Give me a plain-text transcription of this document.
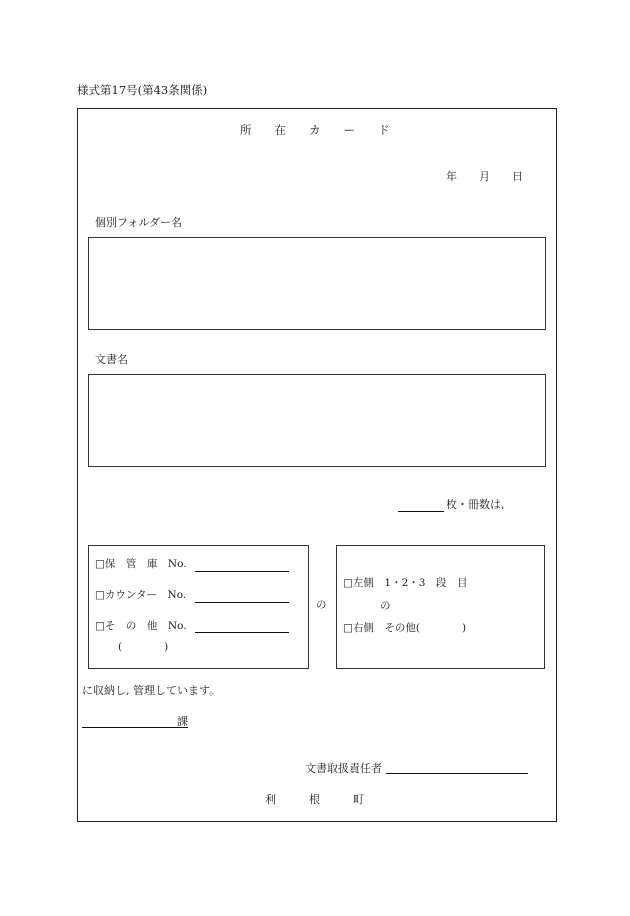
様式第17号(第43条関係)
所　　在　　カ　　ー　　ド
年　　月　　日
個別フォルダー名
文書名
枚・冊数は,
□保　管　庫　No.
□カウンター　No.
□そ　の　他　No.
(　　　　)
の
□左側　1・2・3　段　目
の
□右側　その他(　　　　)
に収納し, 管理しています。
課
文書取扱責任者
利　　　根　　　町
